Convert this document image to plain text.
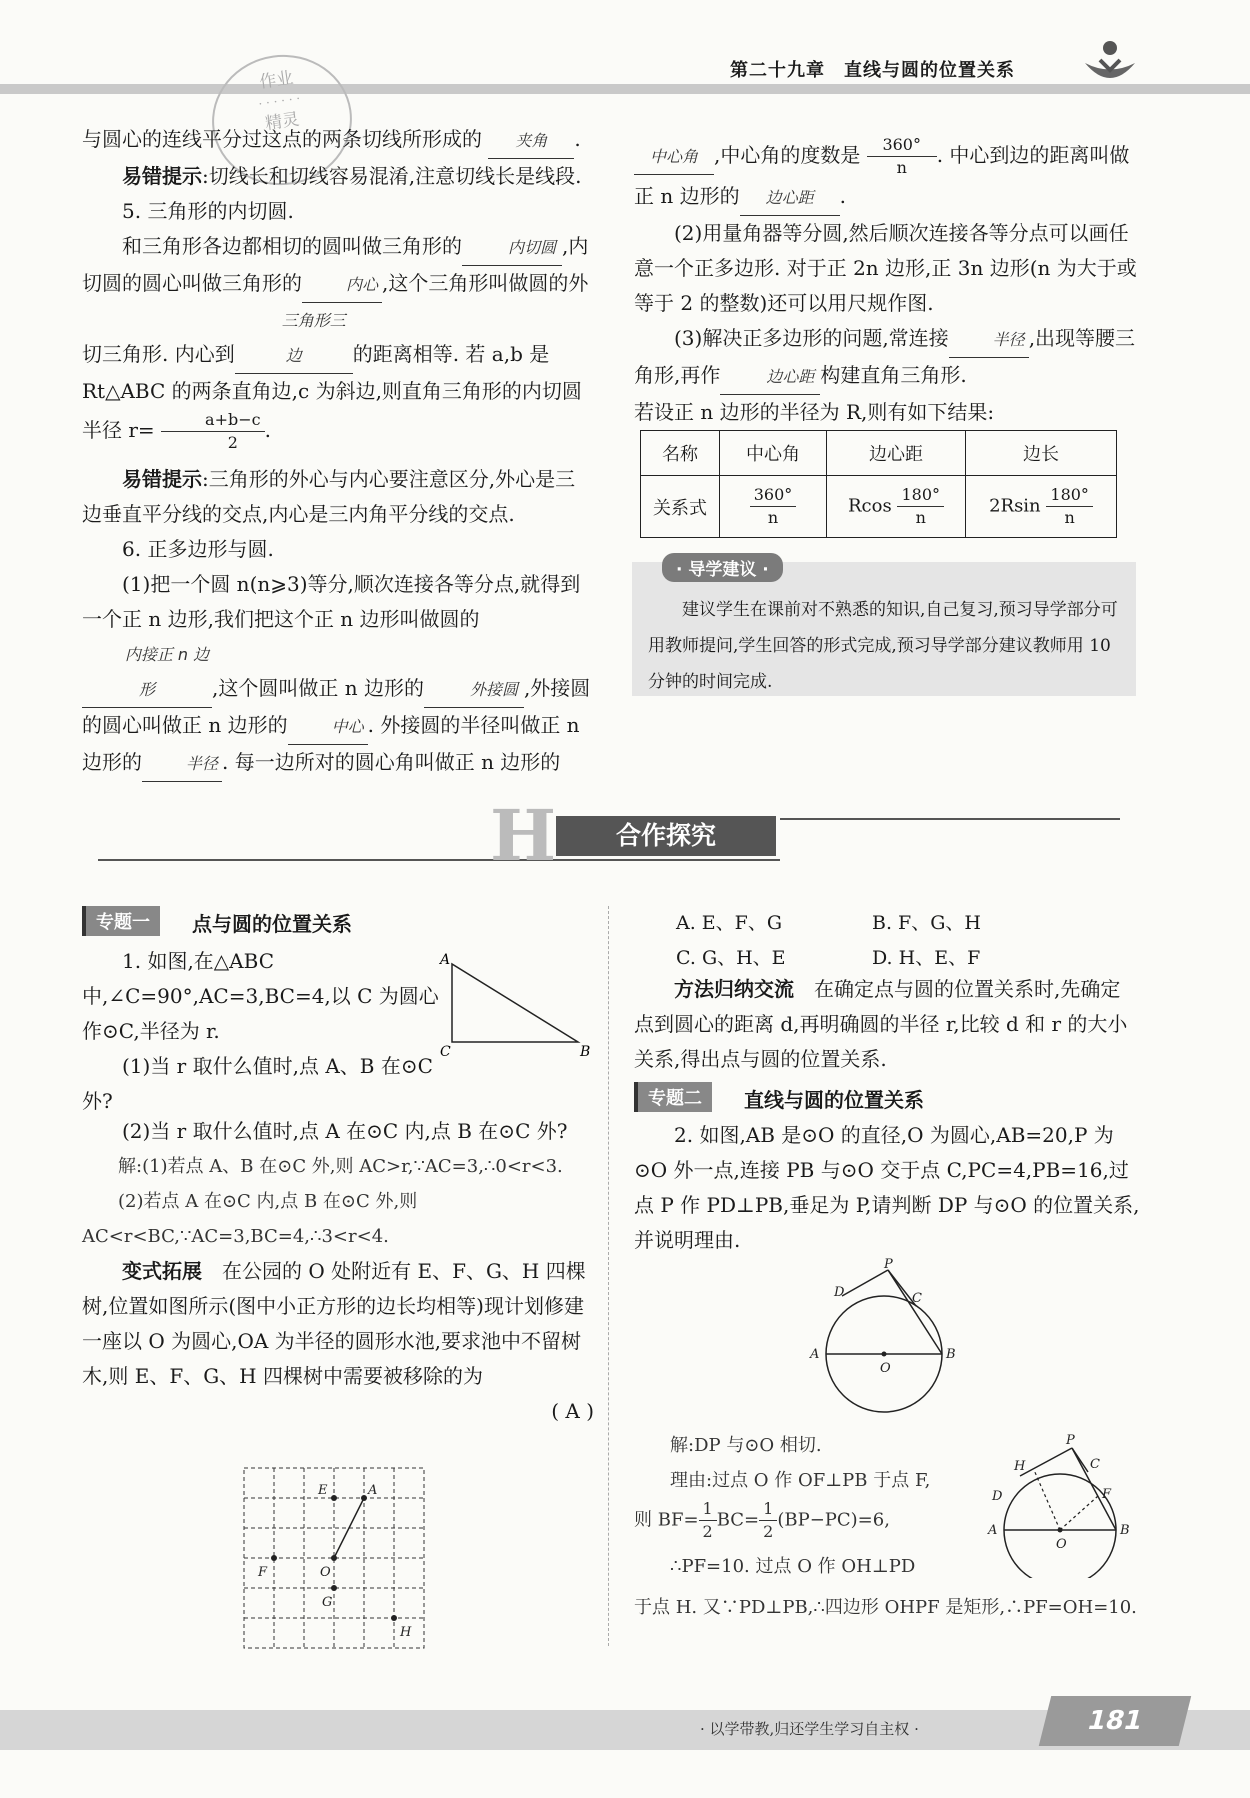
第二十九章　直线与圆的位置关系
作业
· · · · · ·
精灵

与圆心的连线平分过这点的两条切线所形成的 夹角 .

易错提示:切线长和切线容易混淆,注意切线长是线段.

5. 三角形的内切圆.

和三角形各边都相切的圆叫做三角形的	内切圆 ,内切圆的圆心叫做三角形的	内心 ,这个三角形叫做圆的外切三角形. 内心到三角形三边	的距离相等. 若 a,b 是 Rt△ABC 的两条直角边,c 为斜边,则直角三角形的内切圆半径 $r= \frac{a+b-c}{2}$ .

易错提示:三角形的外心与内心要注意区分,外心是三边垂直平分线的交点,内心是三内角平分线的交点.

6. 正多边形与圆.

(1)把一个圆 n(n⩾3)等分,顺次连接各等分点,就得到一个正 n 边形,我们把这个正 n 边形叫做圆的内接正 n 边形	,这个圆叫做正 n 边形的	外接圆 ,外接圆的圆心叫做正 n 边形的	中心 . 外接圆的半径叫做正 n 边形的	半径 . 每一边所对的圆心角叫做正 n 边形的

中心角 ,中心角的度数是 $\frac{360^\circ}{n}$ . 中心到边的距离叫做正 n 边形的 边心距 .

(2)用量角器等分圆,然后顺次连接各等分点可以画任意一个正多边形. 对于正 2n 边形,正 3n 边形(n 为大于或等于 2 的整数)还可以用尺规作图.

(3)解决正多边形的问题,常连接	半径 ,出现等腰三角形,再作	边心距 构建直角三角形.

若设正 n 边形的半径为 R,则有如下结果:

名称	中心角	边心距	边长
关系式	$\frac{360^\circ}{n}$	Rcos $\frac{180^\circ}{n}$	$2Rsin \frac{180^\circ}{n}$
· 导学建议 ·
建议学生在课前对不熟悉的知识,自己复习,预习导学部分可用教师提问,学生回答的形式完成,预习导学部分建议教师用 10 分钟的时间完成.
H	合作探究
专题一	点与圆的位置关系

1. 如图,在△ABC 中,∠C=90°,AC=3,BC=4,以 C 为圆心作⊙C,半径为 r.

(1)当 r 取什么值时,点 A、B 在⊙C 外?

A
C	B

(2)当 r 取什么值时,点 A 在⊙C 内,点 B 在⊙C 外?

解:(1)若点 A、B 在⊙C 外,则 AC>r,∵AC=3,∴0<r<3.

(2)若点 A 在⊙C 内,点 B 在⊙C 外,则 AC<r<BC,∵AC=3,BC=4,∴3<r<4.

变式拓展　 在公园的 O 处附近有 E、F、G、H 四棵树,位置如图所示(图中小正方形的边长均相等)现计划修建一座以 O 为圆心,OA 为半径的圆形水池,要求池中不留树木,则 E、F、G、H 四棵树中需要被移除的为

( A )

E	A
F	O
G
H
A. E、F、G	B. F、G、H
C. G、H、E	D. H、E、F

方法归纳交流　 在确定点与圆的位置关系时,先确定点到圆心的距离 d,再明确圆的半径 r,比较 d 和 r 的大小关系,得出点与圆的位置关系.

专题二	直线与圆的位置关系

2. 如图,AB 是⊙O 的直径,O 为圆心,AB=20,P 为⊙O 外一点,连接 PB 与⊙O 交于点 C,PC=4,PB=16,过点 P 作 PD⊥PB,垂足为 P,请判断 DP 与⊙O 的位置关系,并说明理由.

P
D	C
A
O
B

解:DP 与⊙O 相切.

理由:过点 O 作 OF⊥PB 于点 F,

则 $BF= \frac{1}{2} BC= \frac{1}{2} (BP-PC)=6$,

∴PF=10. 过点 O 作 OH⊥PD

于点 H. 又∵PD⊥PB,∴四边形 OHPF 是矩形,∴PF=OH=10.
P
H	C
D	F
A
O
B
· 以学带教,归还学生学习自主权 ·	181
